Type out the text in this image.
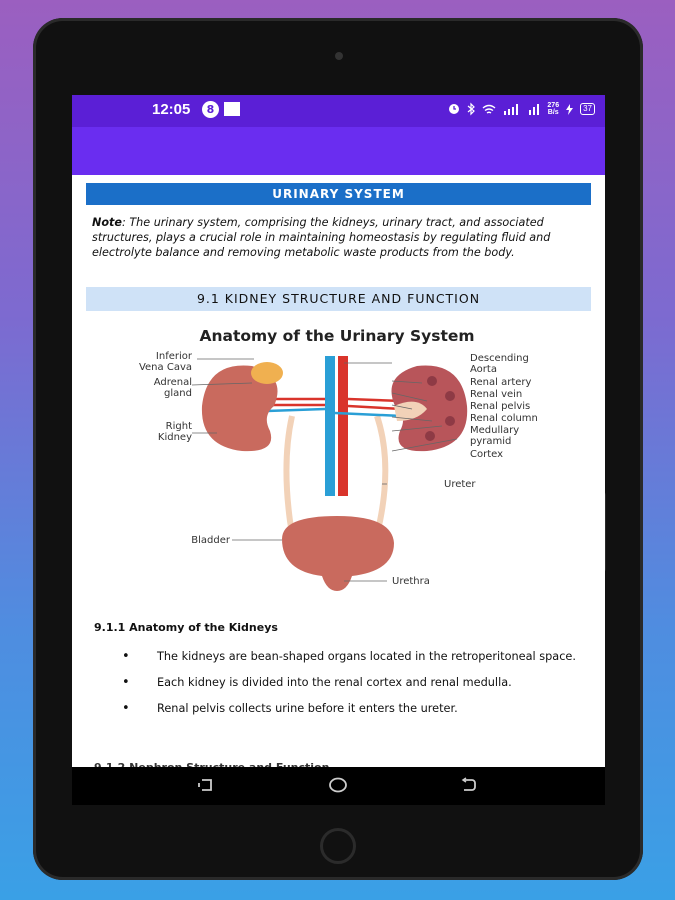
12:05	8	276
B/s	37
URINARY SYSTEM
Note: The urinary system, comprising the kidneys, urinary tract, and associated structures, plays a crucial role in maintaining homeostasis by regulating fluid and electrolyte balance and removing metabolic waste products from the body.
9.1 KIDNEY STRUCTURE AND FUNCTION
Anatomy of the Urinary System
Inferior
Vena Cava
Adrenal
gland
Right
Kidney
Bladder
Descending
Aorta
Renal artery
Renal vein
Renal pelvis
Renal column
Medullary
pyramid
Cortex
Ureter
Urethra
9.1.1 Anatomy of the Kidneys
• The kidneys are bean-shaped organs located in the retroperitoneal space.
• Each kidney is divided into the renal cortex and renal medulla.
• Renal pelvis collects urine before it enters the ureter.
